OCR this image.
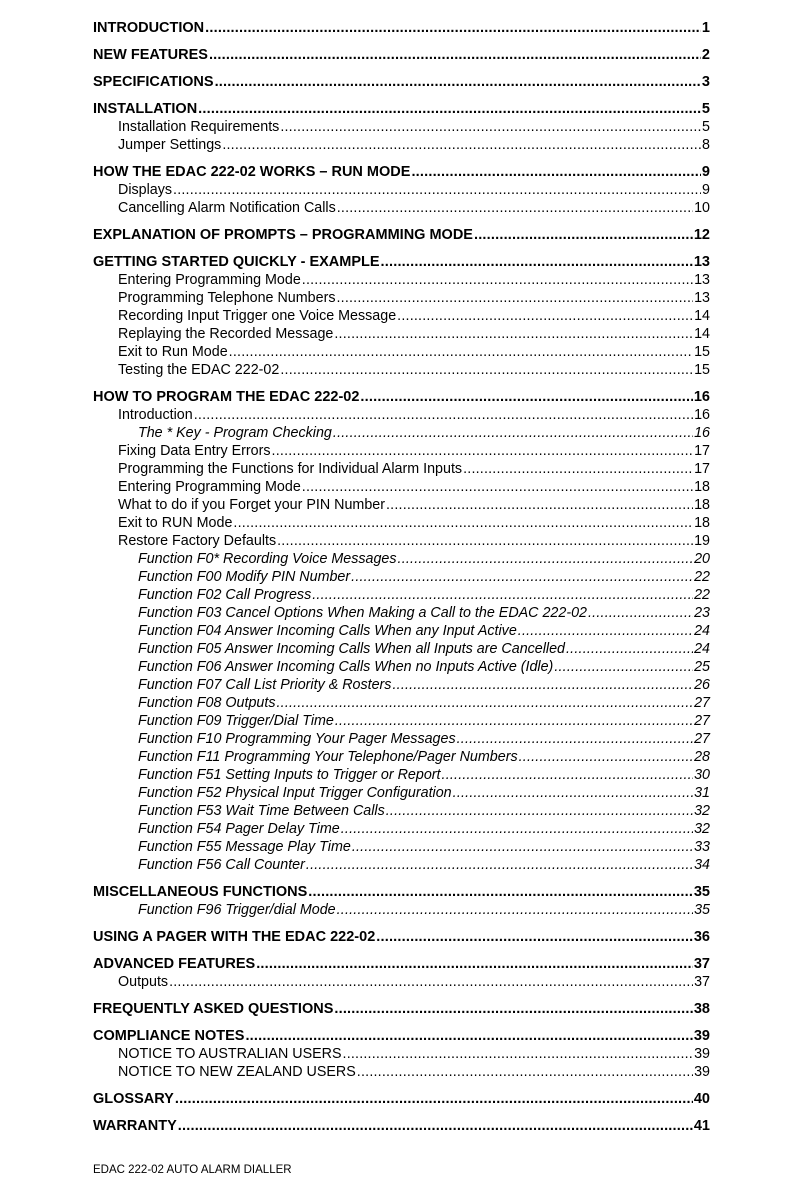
INTRODUCTION .....	1
NEW FEATURES .....	2
SPECIFICATIONS .....	3
INSTALLATION .....	5
Installation Requirements .....	5
Jumper Settings .....	8
HOW THE EDAC 222-02 WORKS – RUN MODE .....	9
Displays .....	9
Cancelling Alarm Notification Calls .....	10
EXPLANATION OF PROMPTS – PROGRAMMING MODE .....	12
GETTING STARTED QUICKLY - EXAMPLE .....	13
Entering Programming Mode .....	13
Programming Telephone Numbers .....	13
Recording Input Trigger one Voice Message .....	14
Replaying the Recorded Message .....	14
Exit to Run Mode .....	15
Testing the EDAC 222-02 .....	15
HOW TO PROGRAM THE EDAC 222-02 .....	16
Introduction .....	16
The * Key - Program Checking .....	16
Fixing Data Entry Errors .....	17
Programming the Functions for Individual Alarm Inputs .....	17
Entering Programming Mode .....	18
What to do if you Forget your PIN Number .....	18
Exit to RUN Mode .....	18
Restore Factory Defaults .....	19
Function F0* Recording Voice Messages .....	20
Function F00 Modify PIN Number .....	22
Function F02 Call Progress .....	22
Function F03 Cancel Options When Making a Call to the EDAC 222-02 .....	23
Function F04 Answer Incoming Calls When any Input Active .....	24
Function F05 Answer Incoming Calls When all Inputs are Cancelled .....	24
Function F06 Answer Incoming Calls When no Inputs Active (Idle) .....	25
Function F07 Call List Priority & Rosters .....	26
Function F08 Outputs .....	27
Function F09 Trigger/Dial Time .....	27
Function F10 Programming Your Pager Messages .....	27
Function F11 Programming Your Telephone/Pager Numbers .....	28
Function F51 Setting Inputs to Trigger or Report .....	30
Function F52 Physical Input Trigger Configuration .....	31
Function F53 Wait Time Between Calls .....	32
Function F54 Pager Delay Time .....	32
Function F55 Message Play Time .....	33
Function F56 Call Counter .....	34
MISCELLANEOUS FUNCTIONS .....	35
Function F96 Trigger/dial Mode .....	35
USING A PAGER WITH THE EDAC 222-02 .....	36
ADVANCED FEATURES .....	37
Outputs .....	37
FREQUENTLY ASKED QUESTIONS .....	38
COMPLIANCE NOTES .....	39
NOTICE TO AUSTRALIAN USERS .....	39
NOTICE TO NEW ZEALAND USERS .....	39
GLOSSARY .....	40
WARRANTY .....	41
EDAC 222-02 AUTO ALARM DIALLER
